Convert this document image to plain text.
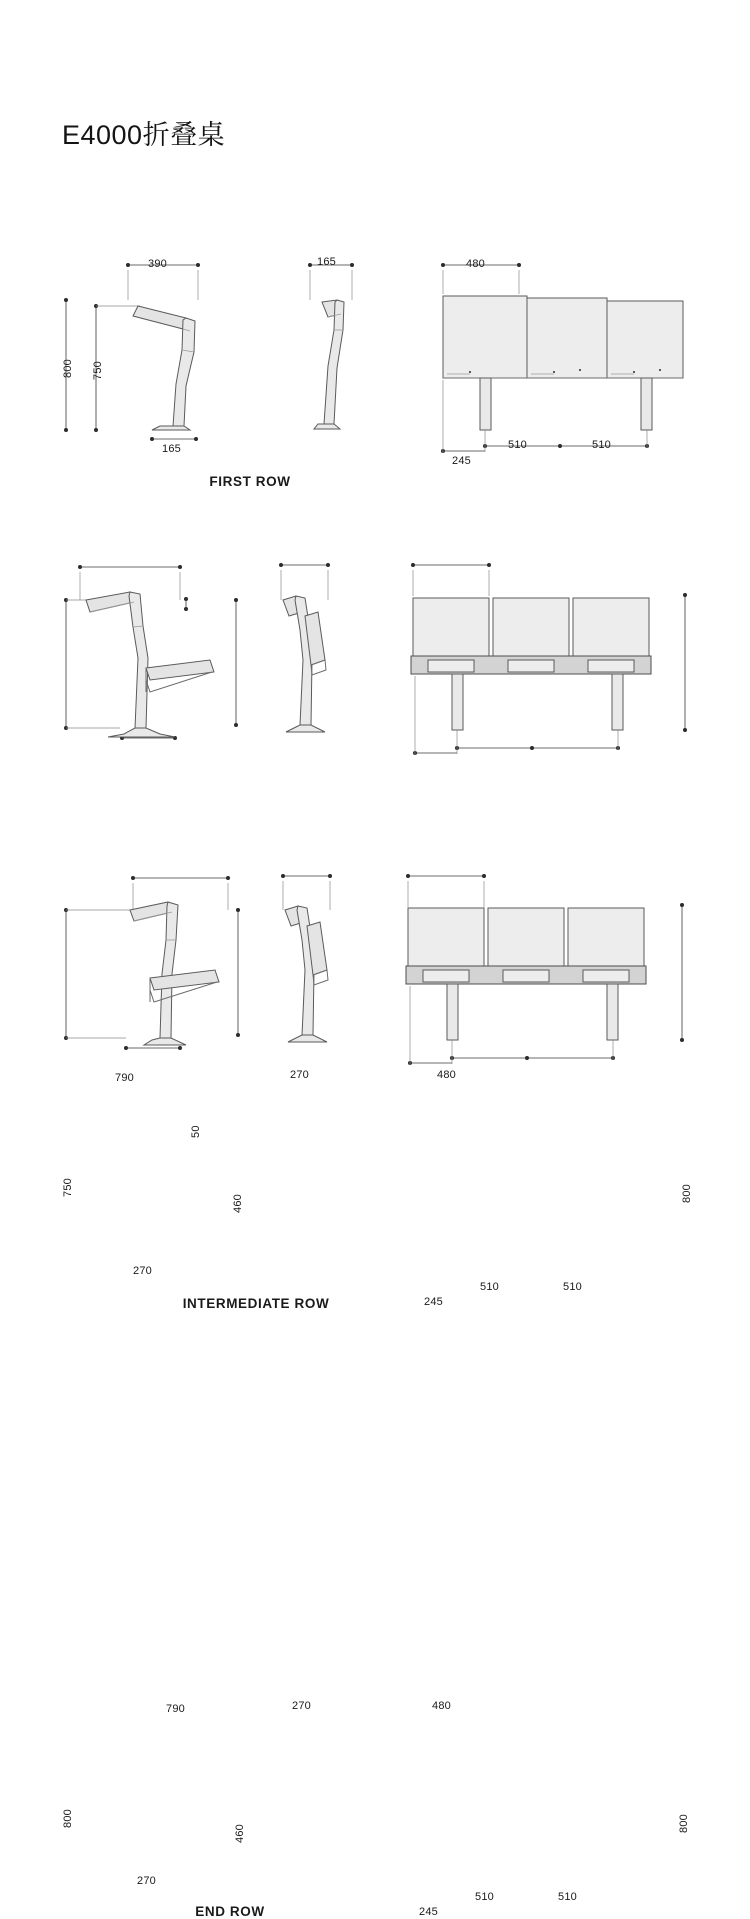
E4000折叠桌
390
800 750
165
165	480
510	510
245
FIRST ROW
790
750
50
270
270
460
480
800
510	510
245
INTERMEDIATE ROW
790
800
270
270
460
480
800
510	510
245
END ROW
